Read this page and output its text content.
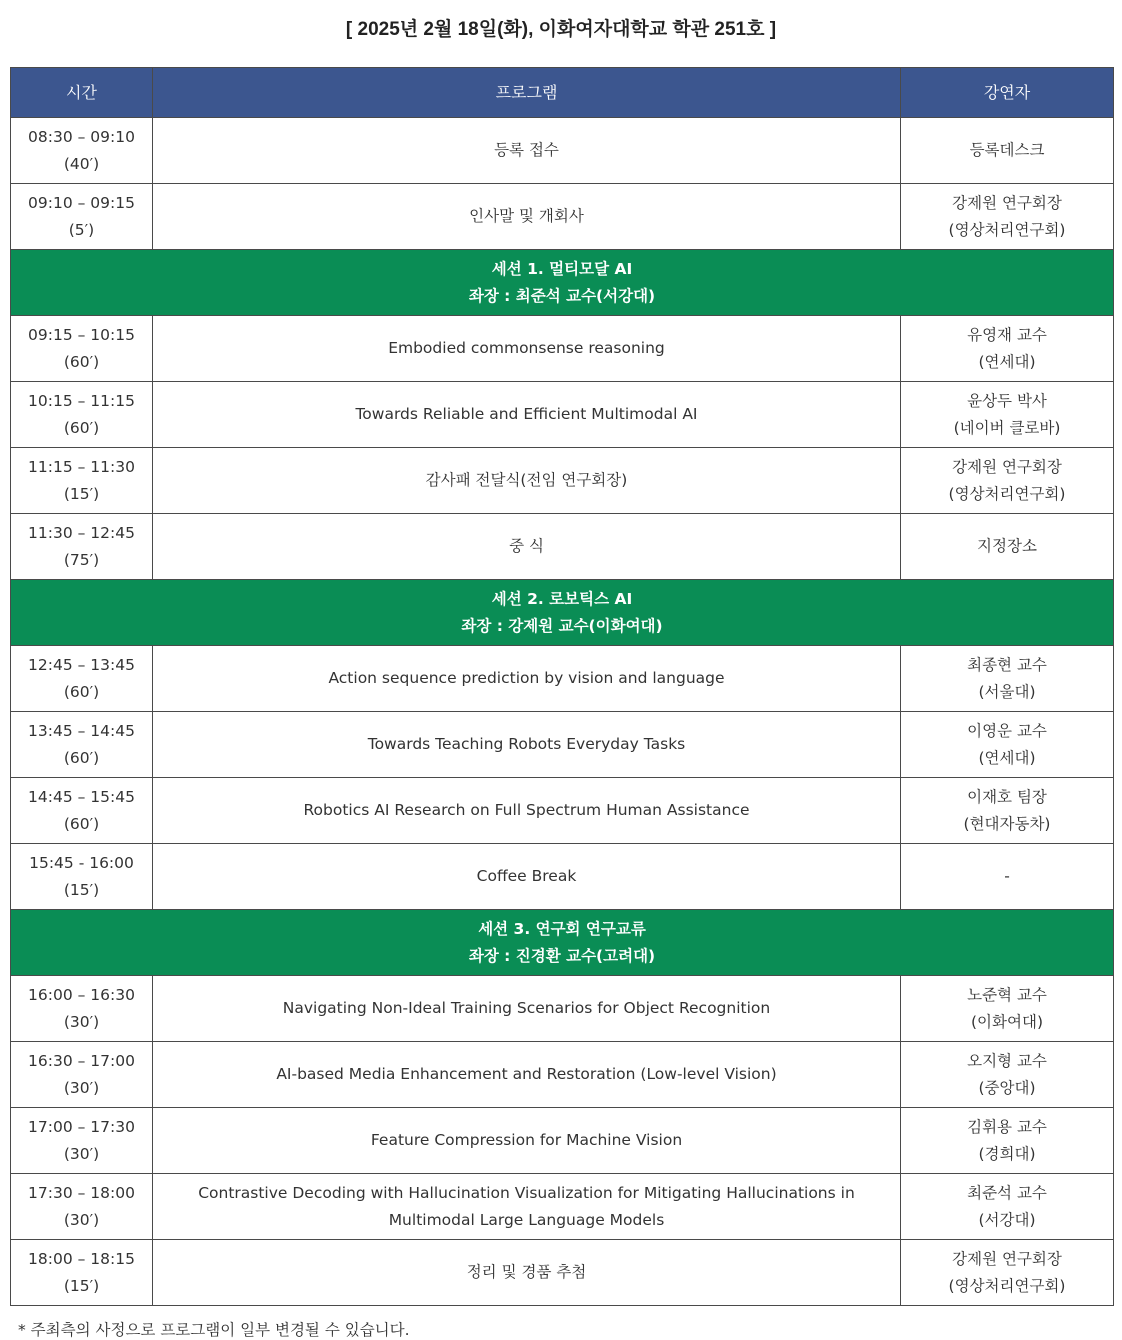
[ 2025년 2월 18일(화), 이화여자대학교 학관 251호 ]
시간	프로그램	강연자

08:30 – 09:10
(40′)	등록 접수	등록데스크

09:10 – 09:15
(5′)	인사말 및 개회사	강제원 연구회장
(영상처리연구회)

세션 1. 멀티모달 AI
좌장 : 최준석 교수(서강대)		

09:15 – 10:15
(60′)	Embodied commonsense reasoning	유영재 교수
(연세대)

10:15 – 11:15
(60′)	Towards Reliable and Efficient Multimodal AI	윤상두 박사
(네이버 클로바)

11:15 – 11:30
(15′)	감사패 전달식(전임 연구회장)	강제원 연구회장
(영상처리연구회)

11:30 – 12:45
(75′)	중 식	지정장소

세션 2. 로보틱스 AI
좌장 : 강제원 교수(이화여대)		

12:45 – 13:45
(60′)	Action sequence prediction by vision and language	최종현 교수
(서울대)

13:45 – 14:45
(60′)	Towards Teaching Robots Everyday Tasks	이영운 교수
(연세대)

14:45 – 15:45
(60′)	Robotics AI Research on Full Spectrum Human Assistance	이재호 팀장
(현대자동차)

15:45 - 16:00
(15′)	Coffee Break	-

세션 3. 연구회 연구교류
좌장 : 진경환 교수(고려대)		

16:00 – 16:30
(30′)	Navigating Non-Ideal Training Scenarios for Object Recognition	노준혁 교수
(이화여대)

16:30 – 17:00
(30′)	AI-based Media Enhancement and Restoration (Low-level Vision)	오지형 교수
(중앙대)

17:00 – 17:30
(30′)	Feature Compression for Machine Vision	김휘용 교수
(경희대)

17:30 – 18:00
(30′)	Contrastive Decoding with Hallucination Visualization for Mitigating Hallucinations in
Multimodal Large Language Models	최준석 교수
(서강대)

18:00 – 18:15
(15′)	정리 및 경품 추첨	강제원 연구회장
(영상처리연구회)
* 주최측의 사정으로 프로그램이 일부 변경될 수 있습니다.
